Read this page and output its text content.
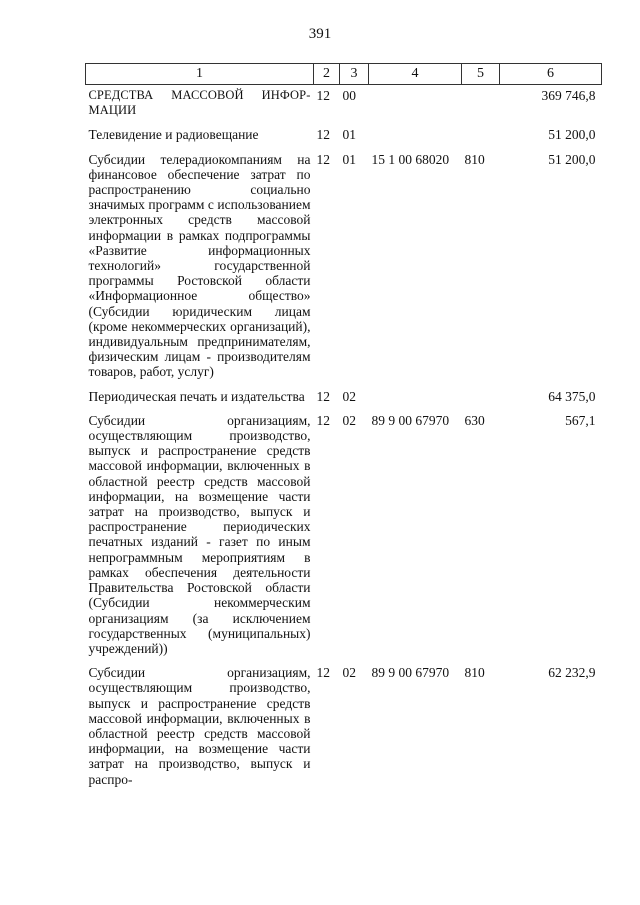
391
1	2	3	4	5	6
СРЕДСТВА МАССОВОЙ ИНФОР-МАЦИИ	12	00			369 746,8
Телевидение и радиовещание	12	01			51 200,0
Субсидии телерадиокомпаниям на финансовое обеспечение затрат по распространению социально значимых программ с использованием электронных средств массовой информации в рамках подпрограммы «Развитие информационных технологий» государственной программы Ростовской области «Информационное общество» (Субсидии юридическим лицам (кроме некоммерческих организаций), индивидуальным предпринимателям, физическим лицам - производителям товаров, работ, услуг)	12	01	15 1 00 68020	810	51 200,0
Периодическая печать и издательства	12	02			64 375,0
Субсидии организациям, осуществляющим производство, выпуск и распространение средств массовой информации, включенных в областной реестр средств массовой информации, на возмещение части затрат на производство, выпуск и распространение периодических печатных изданий - газет по иным непрограммным мероприятиям в рамках обеспечения деятельности Правительства Ростовской области (Субсидии некоммерческим организациям (за исключением государственных (муниципальных) учреждений))	12	02	89 9 00 67970	630	567,1
Субсидии организациям, осуществляющим производство, выпуск и распространение средств массовой информации, включенных в областной реестр средств массовой информации, на возмещение части затрат на производство, выпуск и распро-	12	02	89 9 00 67970	810	62 232,9
